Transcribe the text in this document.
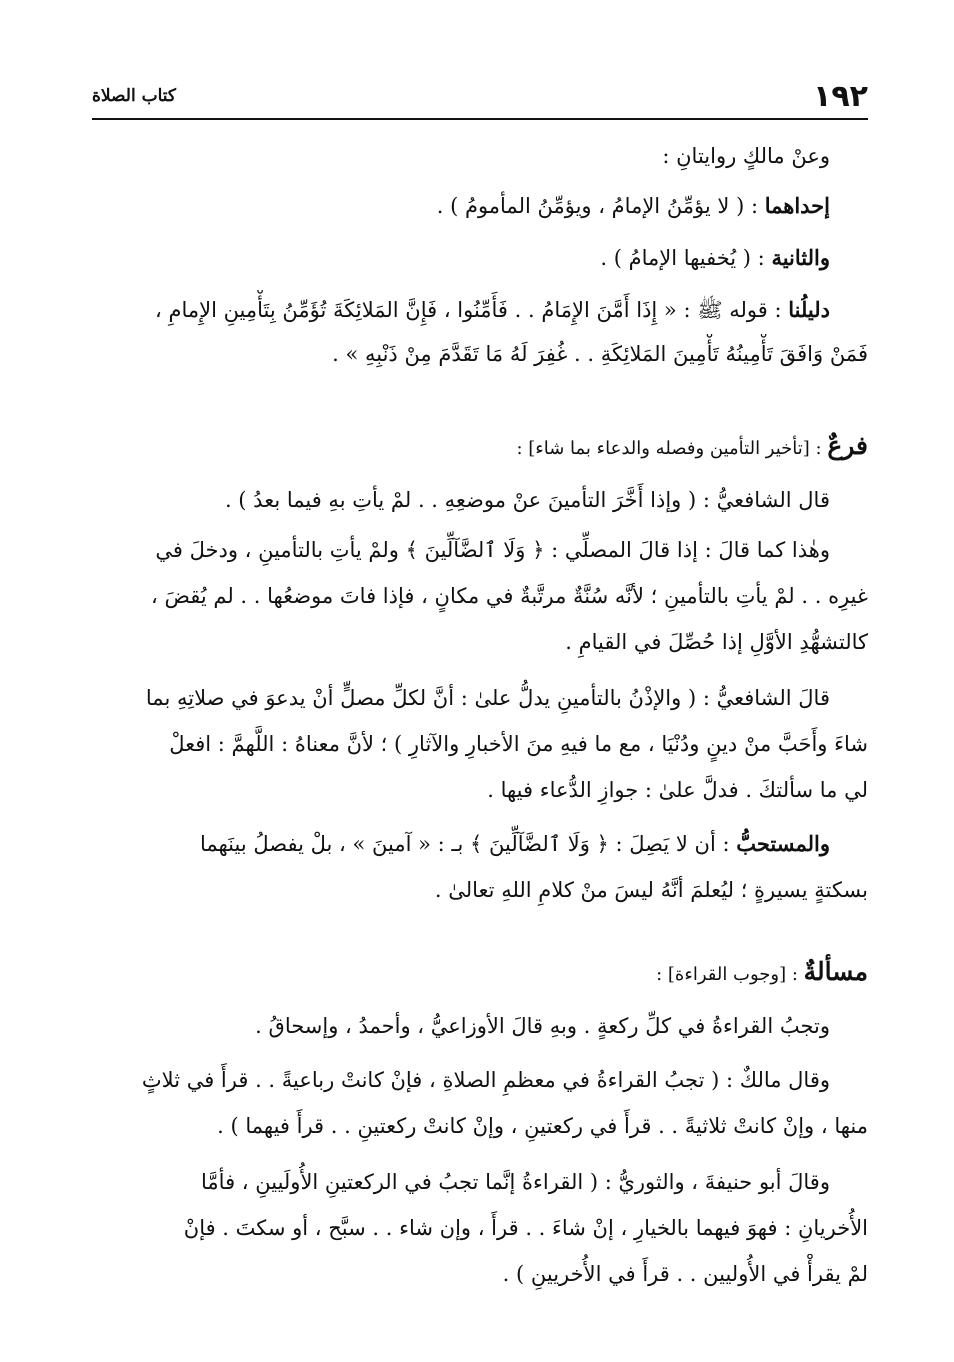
كتاب الصلاة	١٩٢
وعنْ مالكٍ روايتانِ :
إحداهما : ( لا يؤمِّنُ الإمامُ ، ويؤمِّنُ المأمومُ ) .
والثانية : ( يُخفيها الإمامُ ) .
دليلُنا : قوله ﷺ : « إِذَا أَمَّنَ الإِمَامُ . . فَأَمِّنُوا ، فَإِنَّ المَلائِكَةَ تُؤَمِّنُ بِتَأْمِينِ الإِمامِ ،
فَمَنْ وَافَقَ تَأْمِينُهُ تَأْمِينَ المَلائِكَةِ . . غُفِرَ لَهُ مَا تَقَدَّمَ مِنْ ذَنْبِهِ » .
فرعٌ : [تأخير التأمين وفصله والدعاء بما شاء] :
قال الشافعيُّ : ( وإذا أَخَّرَ التأمينَ عنْ موضعِهِ . . لمْ يأتِ بهِ فيما بعدُ ) .
وهٰذا كما قالَ : إذا قالَ المصلِّي : ﴿ وَلَا ٱلضَّآلِّينَ ﴾ ولمْ يأتِ بالتأمينِ ، ودخلَ في
غيرِه . . لمْ يأتِ بالتأمينِ ؛ لأنَّه سُنَّةٌ مرتَّبةٌ في مكانٍ ، فإذا فاتَ موضعُها . . لم يُقضَ ،
كالتشهُّدِ الأوَّلِ إذا حُصِّلَ في القيامِ .
قالَ الشافعيُّ : ( والإذْنُ بالتأمينِ يدلُّ علىٰ : أنَّ لكلِّ مصلٍّ أنْ يدعوَ في صلاتِهِ بما
شاءَ وأَحَبَّ منْ دينٍ ودُنْيَا ، مع ما فيهِ منَ الأخبارِ والآثارِ ) ؛ لأنَّ معناهُ : اللَّهمَّ : افعلْ
لي ما سألتكَ . فدلَّ علىٰ : جوازِ الدُّعاء فيها .
والمستحبُّ : أن لا يَصِلَ : ﴿ وَلَا ٱلضَّآلِّينَ ﴾ بـ : « آمينَ » ، بلْ يفصلُ بينَهما
بسكتةٍ يسيرةٍ ؛ ليُعلمَ أنَّهُ ليسَ منْ كلامِ اللهِ تعالىٰ .
مسألةٌ : [وجوب القراءة] :
وتجبُ القراءةُ في كلِّ ركعةٍ . وبهِ قالَ الأوزاعيُّ ، وأحمدُ ، وإسحاقُ .
وقال مالكٌ : ( تجبُ القراءةُ في معظمِ الصلاةِ ، فإنْ كانتْ رباعيةً . . قرأَ في ثلاثٍ
منها ، وإنْ كانتْ ثلاثيةً . . قرأَ في ركعتينِ ، وإنْ كانتْ ركعتينِ . . قرأَ فيهما ) .
وقالَ أبو حنيفةَ ، والثوريُّ : ( القراءةُ إنَّما تجبُ في الركعتينِ الأُولَيينِ ، فأمَّا
الأُخريانِ : فهوَ فيهما بالخيارِ ، إنْ شاءَ . . قرأَ ، وإن شاء . . سبَّح ، أو سكتَ . فإنْ
لمْ يقرأْ في الأُوليين . . قرأَ في الأُخريينِ ) .
